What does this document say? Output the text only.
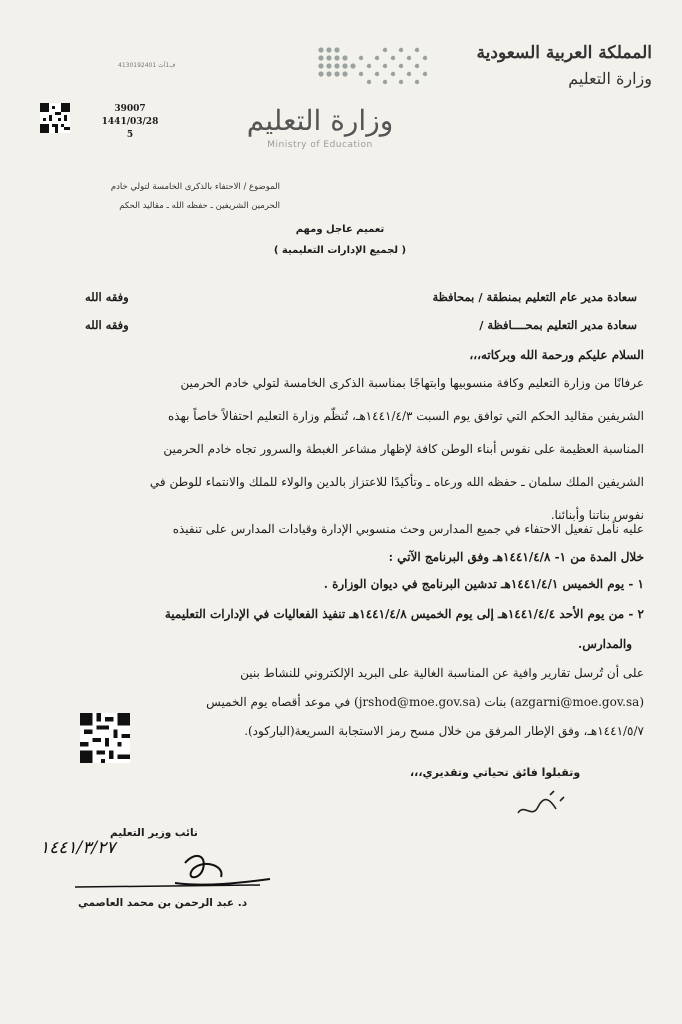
المملكة العربية السعودية
وزارة التعليم
وزارة التعليم
Ministry of Education
4130192401 ف1آث
39007
1441/03/28
5
الموضوع / الاحتفاء بالذكرى الخامسة لتولي خادم
الحرمين الشريفين ـ حفظه الله ـ مقاليد الحكم
تعميم عاجل ومهم
( لجميع الإدارات التعليمية )
سعادة مدير عام التعليم بمنطقة / بمحافظة
وفقه الله
سعادة مدير التعليم بمحــــافظة /
وفقه الله
السلام عليكم ورحمة الله وبركاته،،،
عرفانًا من وزارة التعليم وكافة منسوبيها وابتهاجًا بمناسبة الذكرى الخامسة لتولي خادم الحرمين
الشريفين مقاليد الحكم التي توافق يوم السبت ١٤٤١/٤/٣هـ، تُنظّم وزارة التعليم احتفالاً خاصاً بهذه
المناسبة العظيمة على نفوس أبناء الوطن كافة لإظهار مشاعر الغبطة والسرور تجاه خادم الحرمين
الشريفين الملك سلمان ـ حفظه الله ورعاه ـ وتأكيدًا للاعتزاز بالدين والولاء للملك والانتماء للوطن في
نفوس بناتنا وأبنائنا.
عليه نأمل تفعيل الاحتفاء في جميع المدارس وحث منسوبي الإدارة وقيادات المدارس على تنفيذه
خلال المدة من ١- ١٤٤١/٤/٨هـ وفق البرنامج الآتي :
١ - يوم الخميس ١٤٤١/٤/١هـ تدشين البرنامج في ديوان الوزارة .
٢ - من يوم الأحد ١٤٤١/٤/٤هـ إلى يوم الخميس ١٤٤١/٤/٨هـ تنفيذ الفعاليات في الإدارات التعليمية
والمدارس.
على أن تُرسل تقارير وافية عن المناسبة الغالية على البريد الإلكتروني للنشاط بنين
(azgarni@moe.gov.sa) بنات (jrshod@moe.gov.sa) في موعد أقصاه يوم الخميس
١٤٤١/٥/٧هـ، وفق الإطار المرفق من خلال مسح رمز الاستجابة السريعة(الباركود).
وتقبلوا فائق تحياتي وتقديري،،،
نائب وزير التعليم
١٤٤١/٣/٢٧
د. عبد الرحمن بن محمد العاصمي
